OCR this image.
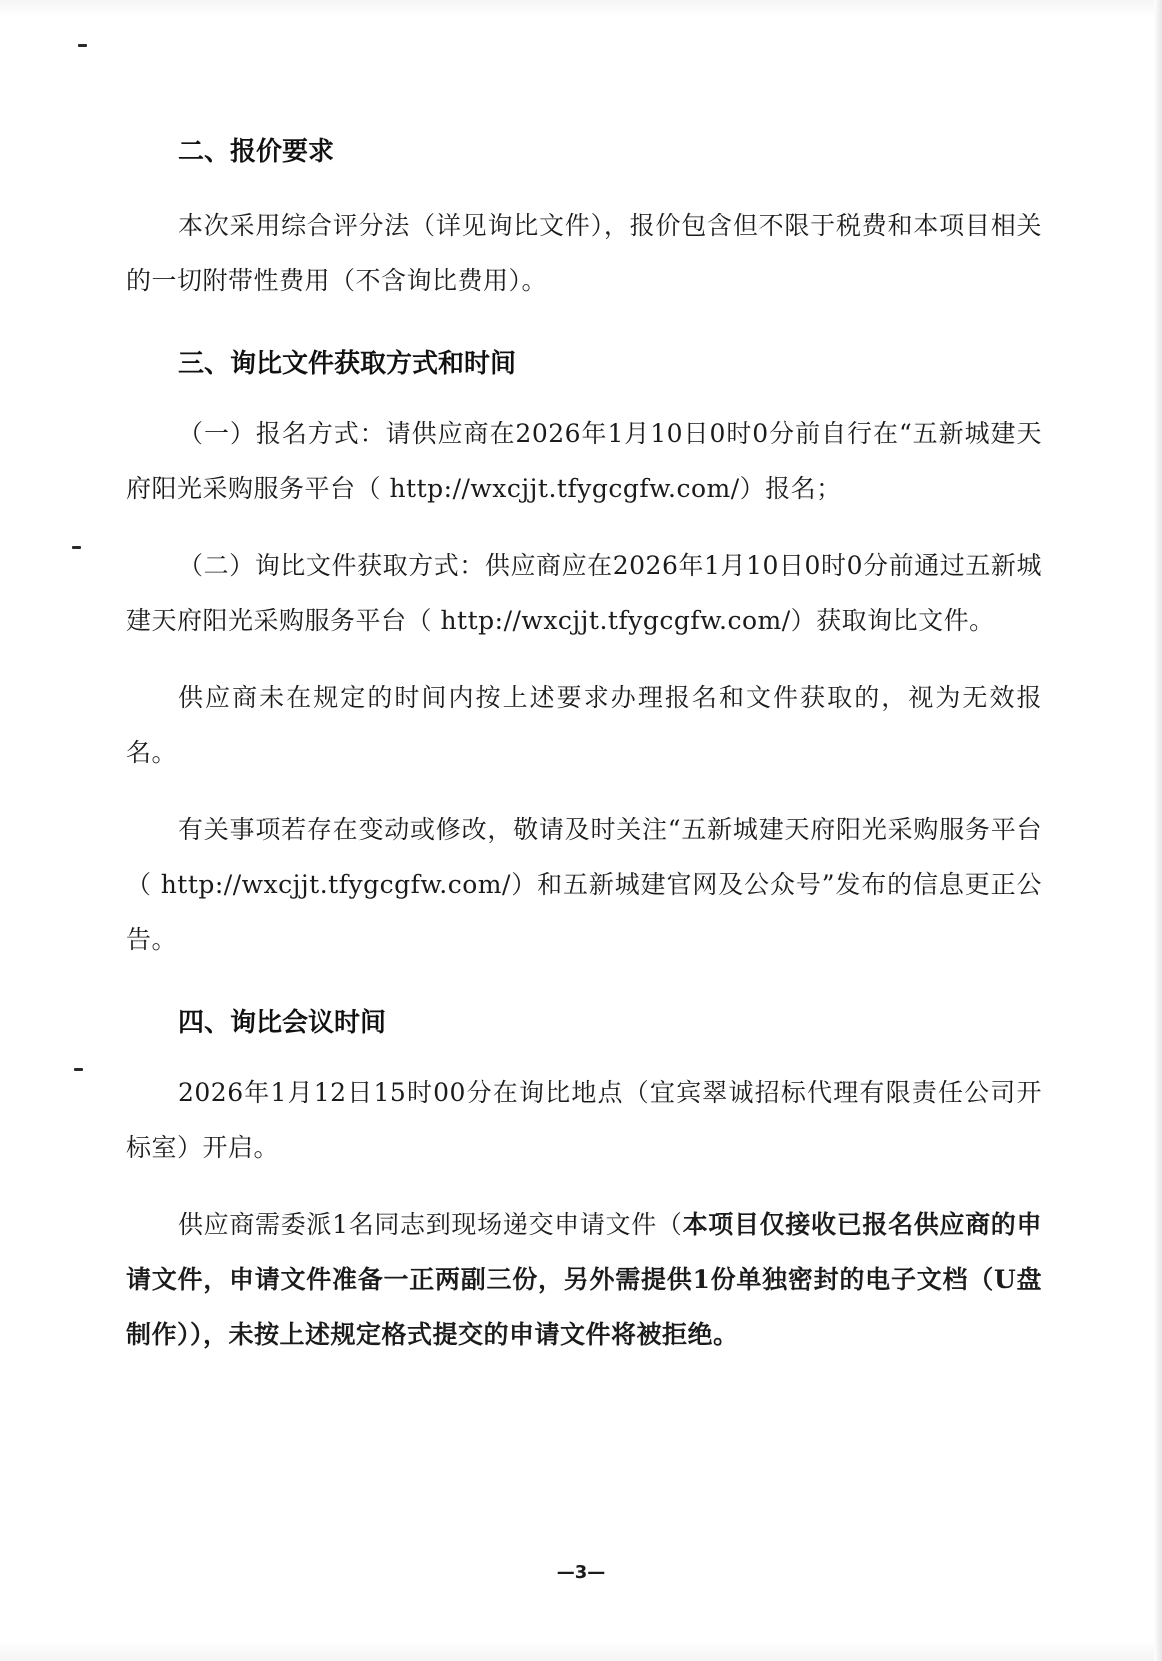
二、报价要求

本次采用综合评分法（详见询比文件），报价包含但不限于税费和本项目相关的一切附带性费用（不含询比费用）。

三、询比文件获取方式和时间

（一）报名方式：请供应商在2026年1月10日0时0分前自行在“五新城建天府阳光采购服务平台（ http://wxcjjt.tfygcgfw.com/）报名；

（二）询比文件获取方式：供应商应在2026年1月10日0时0分前通过五新城建天府阳光采购服务平台（ http://wxcjjt.tfygcgfw.com/）获取询比文件。

供应商未在规定的时间内按上述要求办理报名和文件获取的，视为无效报名。

有关事项若存在变动或修改，敬请及时关注“五新城建天府阳光采购服务平台（ http://wxcjjt.tfygcgfw.com/）和五新城建官网及公众号”发布的信息更正公告。

四、询比会议时间

2026年1月12日15时00分在询比地点（宜宾翠诚招标代理有限责任公司开标室）开启。

供应商需委派1名同志到现场递交申请文件（本项目仅接收已报名供应商的申请文件，申请文件准备一正两副三份，另外需提供1份单独密封的电子文档（U盘制作）），未按上述规定格式提交的申请文件将被拒绝。

—3—
